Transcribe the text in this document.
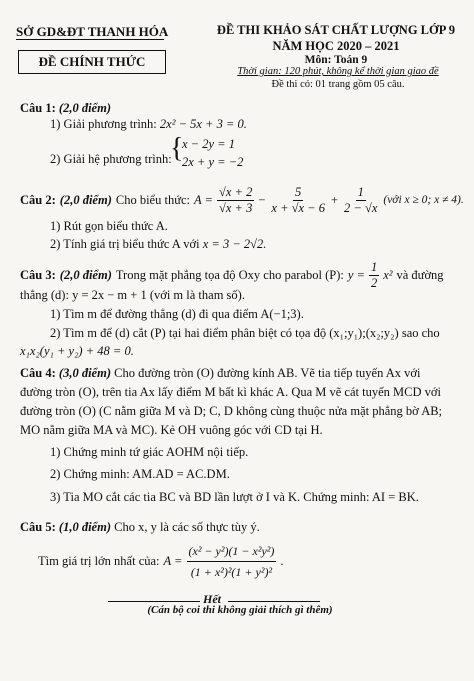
SỞ GD&ĐT THANH HÓA
ĐỀ CHÍNH THỨC
ĐỀ THI KHẢO SÁT CHẤT LƯỢNG LỚP 9
NĂM HỌC 2020 – 2021
Môn: Toán 9
Thời gian: 120 phút, không kể thời gian giao đề
Đề thi có: 01 trang gồm 05 câu.
Câu 1: (2,0 điểm)
1) Giải phương trình: 2x² − 5x + 3 = 0.
2) Giải hệ phương trình:
{
x − 2y = 1
2x + y = −2
Câu 2: (2,0 điểm) Cho biểu thức: $A = \frac{√x + 2}{√x + 3} - \frac{5}{x + √x - 6} + \frac{1}{2 - √x}$ (với x ≥ 0; x ≠ 4).
1) Rút gọn biểu thức A.
2) Tính giá trị biểu thức A với x = 3 − 2√2.
Câu 3: (2,0 điểm) Trong mặt phẳng tọa độ Oxy cho parabol (P): $y = \frac{1}{2} x^2$ và đường
thẳng (d): y = 2x − m + 1 (với m là tham số).
1) Tìm m để đường thẳng (d) đi qua điểm A(−1;3).
2) Tìm m để (d) cắt (P) tại hai điểm phân biệt có tọa độ (x₁;y₁);(x₂;y₂) sao cho
x₁x₂(y₁ + y₂) + 48 = 0.
Câu 4: (3,0 điểm) Cho đường tròn (O) đường kính AB. Vẽ tia tiếp tuyến Ax với
đường tròn (O), trên tia Ax lấy điểm M bất kì khác A. Qua M vẽ cát tuyến MCD với
đường tròn (O) (C nằm giữa M và D; C, D không cùng thuộc nửa mặt phẳng bờ AB;
MO nằm giữa MA và MC). Kẻ OH vuông góc với CD tại H.
1) Chứng minh tứ giác AOHM nội tiếp.
2) Chứng minh: AM.AD = AC.DM.
3) Tia MO cắt các tia BC và BD lần lượt ở I và K. Chứng minh: AI = BK.
Câu 5: (1,0 điểm) Cho x, y là các số thực tùy ý.
Tìm giá trị lớn nhất của: $A = \frac{\text{(x² − y²)(1 − x²y²)}}{\text{(1 + x²)²(1 + y²)²}}$ .
Hết
(Cán bộ coi thi không giải thích gì thêm)
